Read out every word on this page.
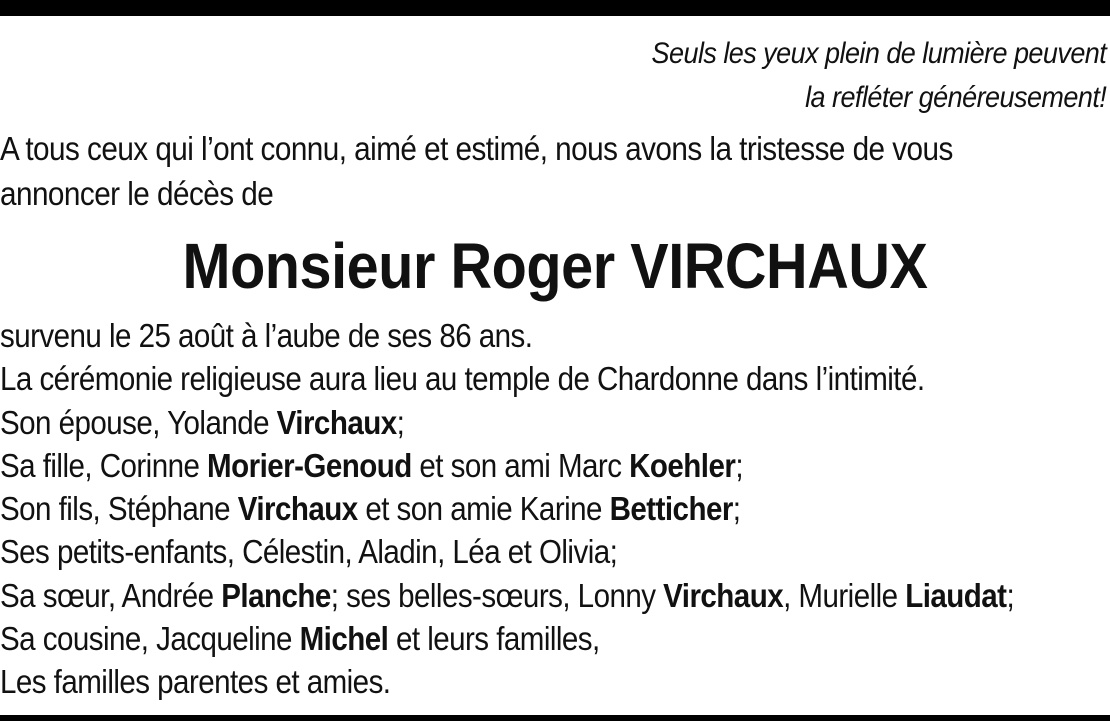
Seuls les yeux plein de lumière peuvent
la refléter généreusement!
A tous ceux qui l’ont connu, aimé et estimé, nous avons la tristesse de vous
annoncer le décès de
Monsieur Roger VIRCHAUX
survenu le 25 août à l’aube de ses 86 ans.
La cérémonie religieuse aura lieu au temple de Chardonne dans l’intimité.
Son épouse, Yolande Virchaux;
Sa fille, Corinne Morier-Genoud et son ami Marc Koehler;
Son fils, Stéphane Virchaux et son amie Karine Betticher;
Ses petits-enfants, Célestin, Aladin, Léa et Olivia;
Sa sœur, Andrée Planche; ses belles-sœurs, Lonny Virchaux, Murielle Liaudat;
Sa cousine, Jacqueline Michel et leurs familles,
Les familles parentes et amies.
